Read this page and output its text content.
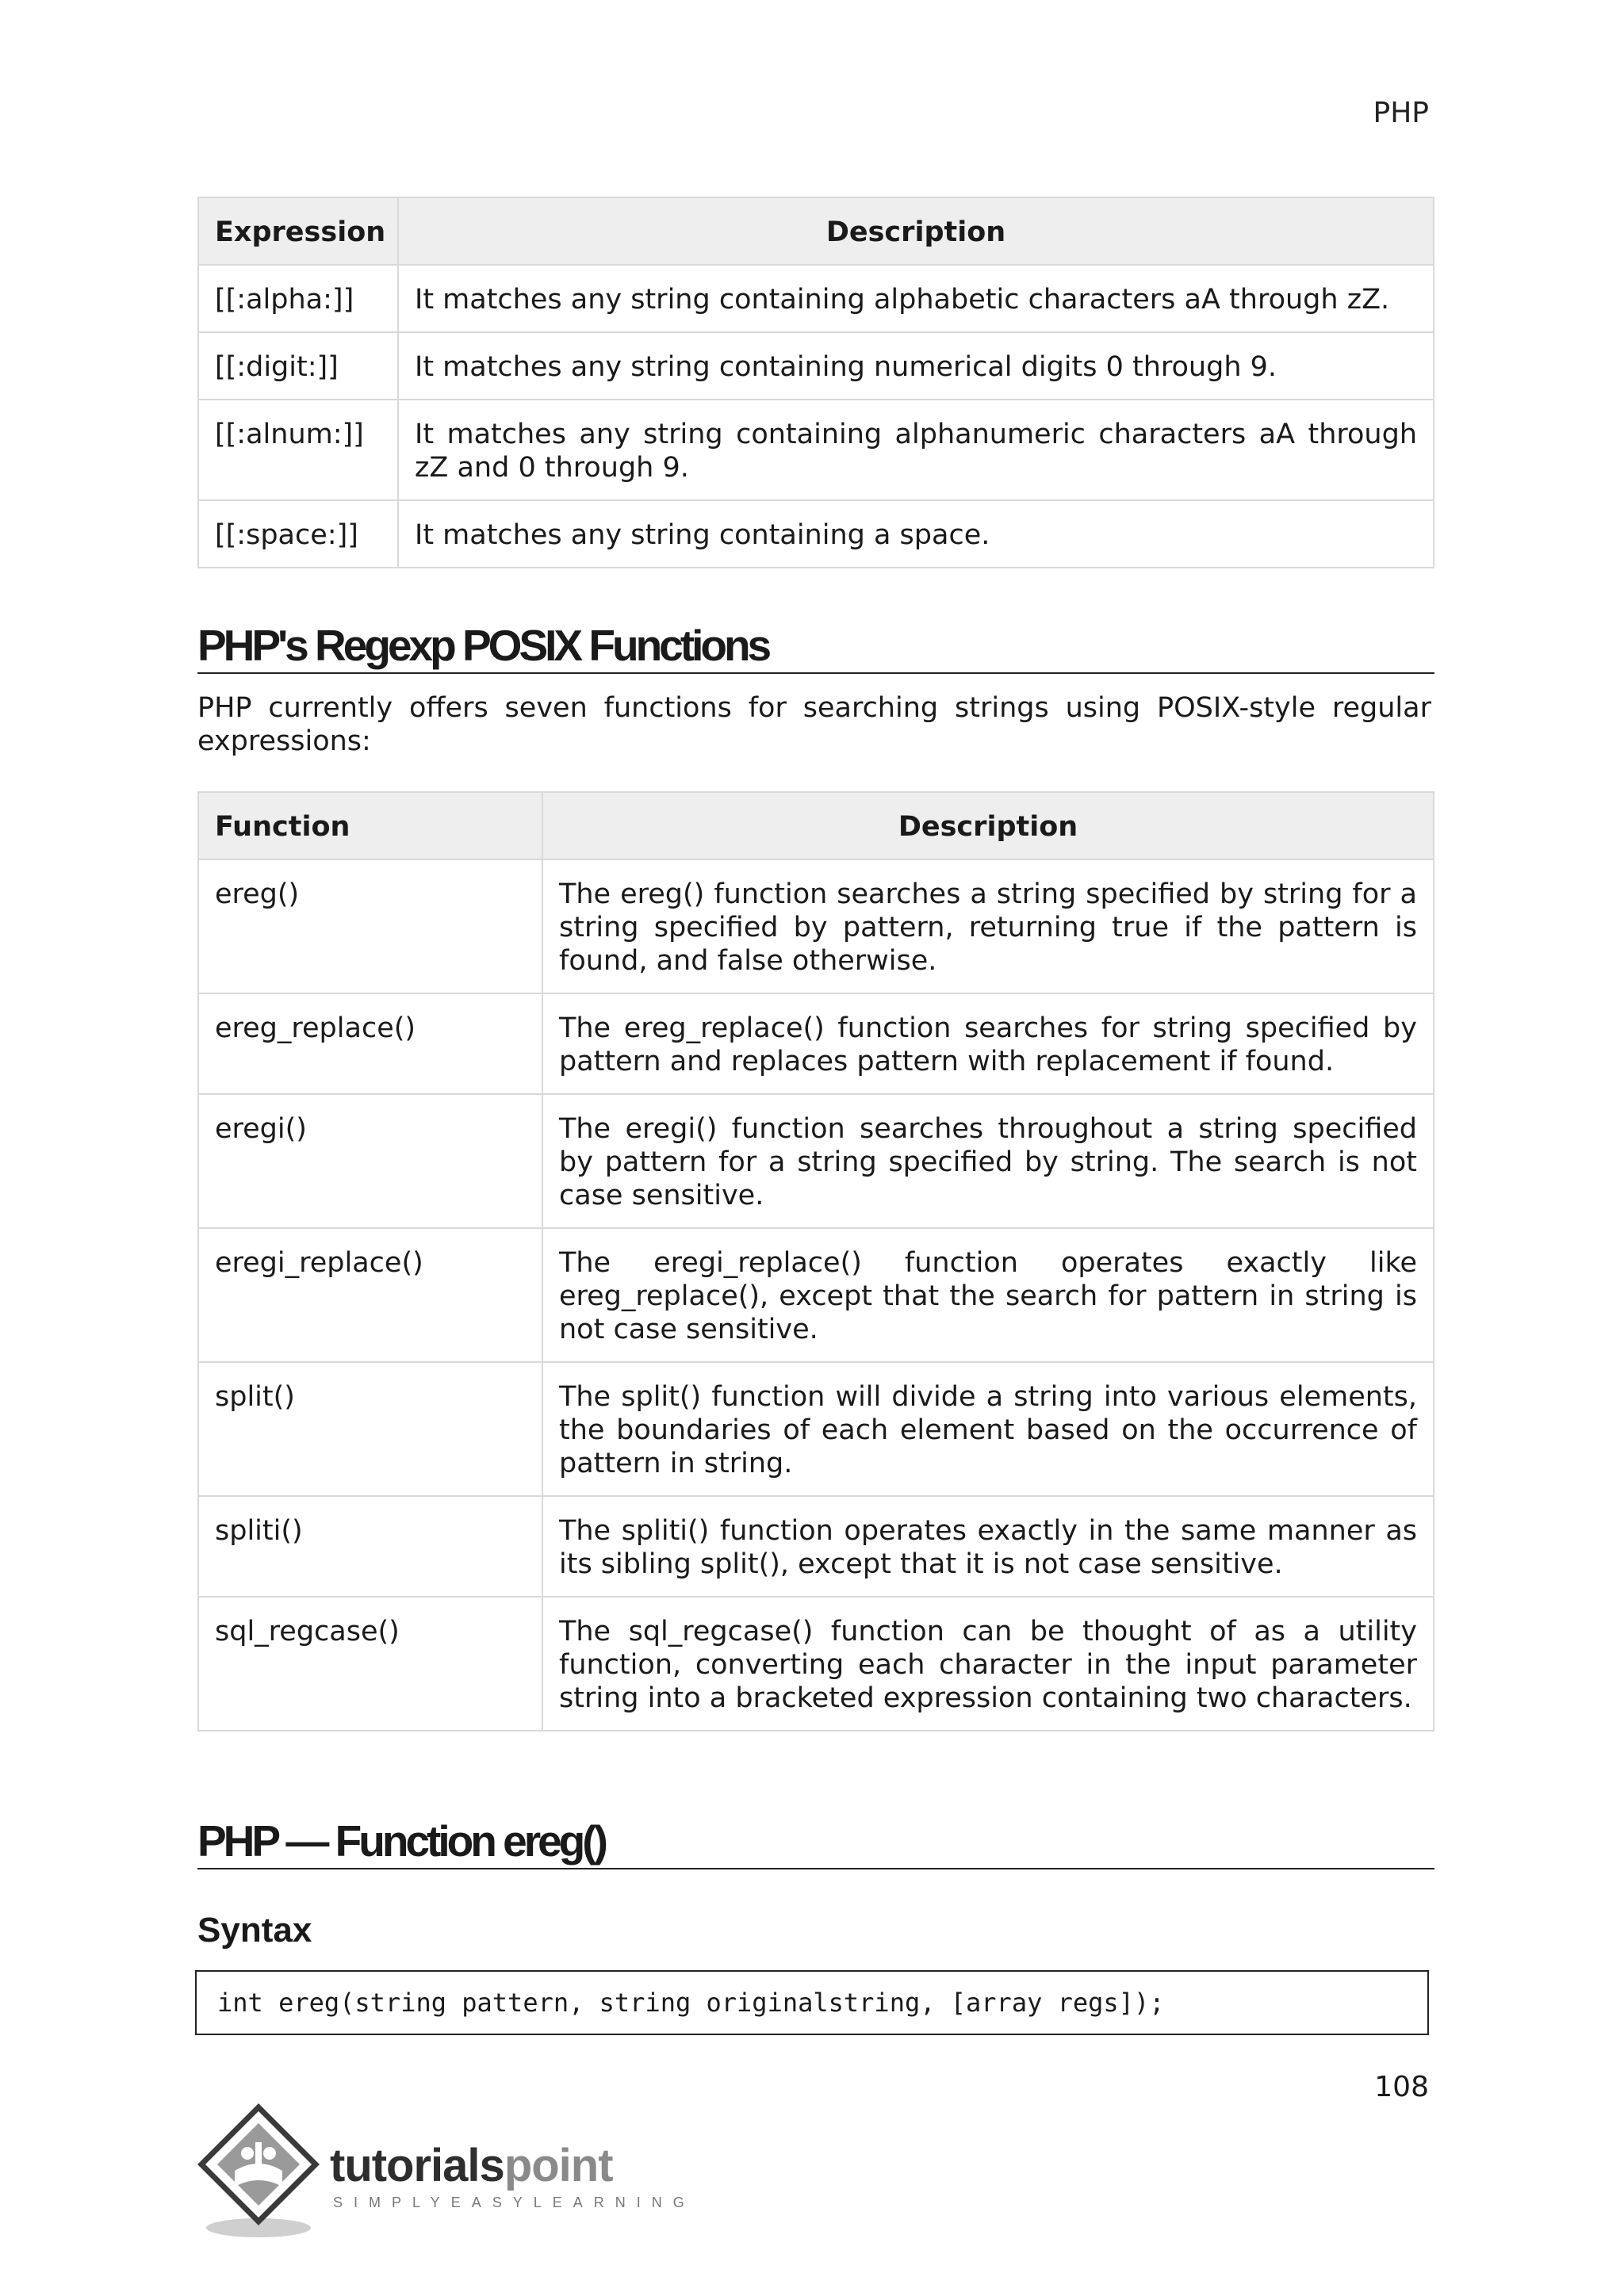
PHP
Expression	Description
[[:alpha:]]	It matches any string containing alphabetic characters aA through zZ.
[[:digit:]]	It matches any string containing numerical digits 0 through 9.
[[:alnum:]]	It matches any string containing alphanumeric characters aA through zZ and 0 through 9.
[[:space:]]	It matches any string containing a space.
PHP's Regexp POSIX Functions
PHP currently offers seven functions for searching strings using POSIX-style regular expressions:
Function	Description
ereg()	The ereg() function searches a string specified by string for a string specified by pattern, returning true if the pattern is found, and false otherwise.
ereg_replace()	The ereg_replace() function searches for string specified by pattern and replaces pattern with replacement if found.
eregi()	The eregi() function searches throughout a string specified by pattern for a string specified by string. The search is not case sensitive.
eregi_replace()	The eregi_replace() function operates exactly like ereg_replace(), except that the search for pattern in string is not case sensitive.
split()	The split() function will divide a string into various elements, the boundaries of each element based on the occurrence of pattern in string.
spliti()	The spliti() function operates exactly in the same manner as its sibling split(), except that it is not case sensitive.
sql_regcase()	The sql_regcase() function can be thought of as a utility function, converting each character in the input parameter string into a bracketed expression containing two characters.
PHP — Function ereg()
Syntax
int ereg(string pattern, string originalstring, [array regs]);
108
tutorialspoint
SIMPLYEASYLEARNING
